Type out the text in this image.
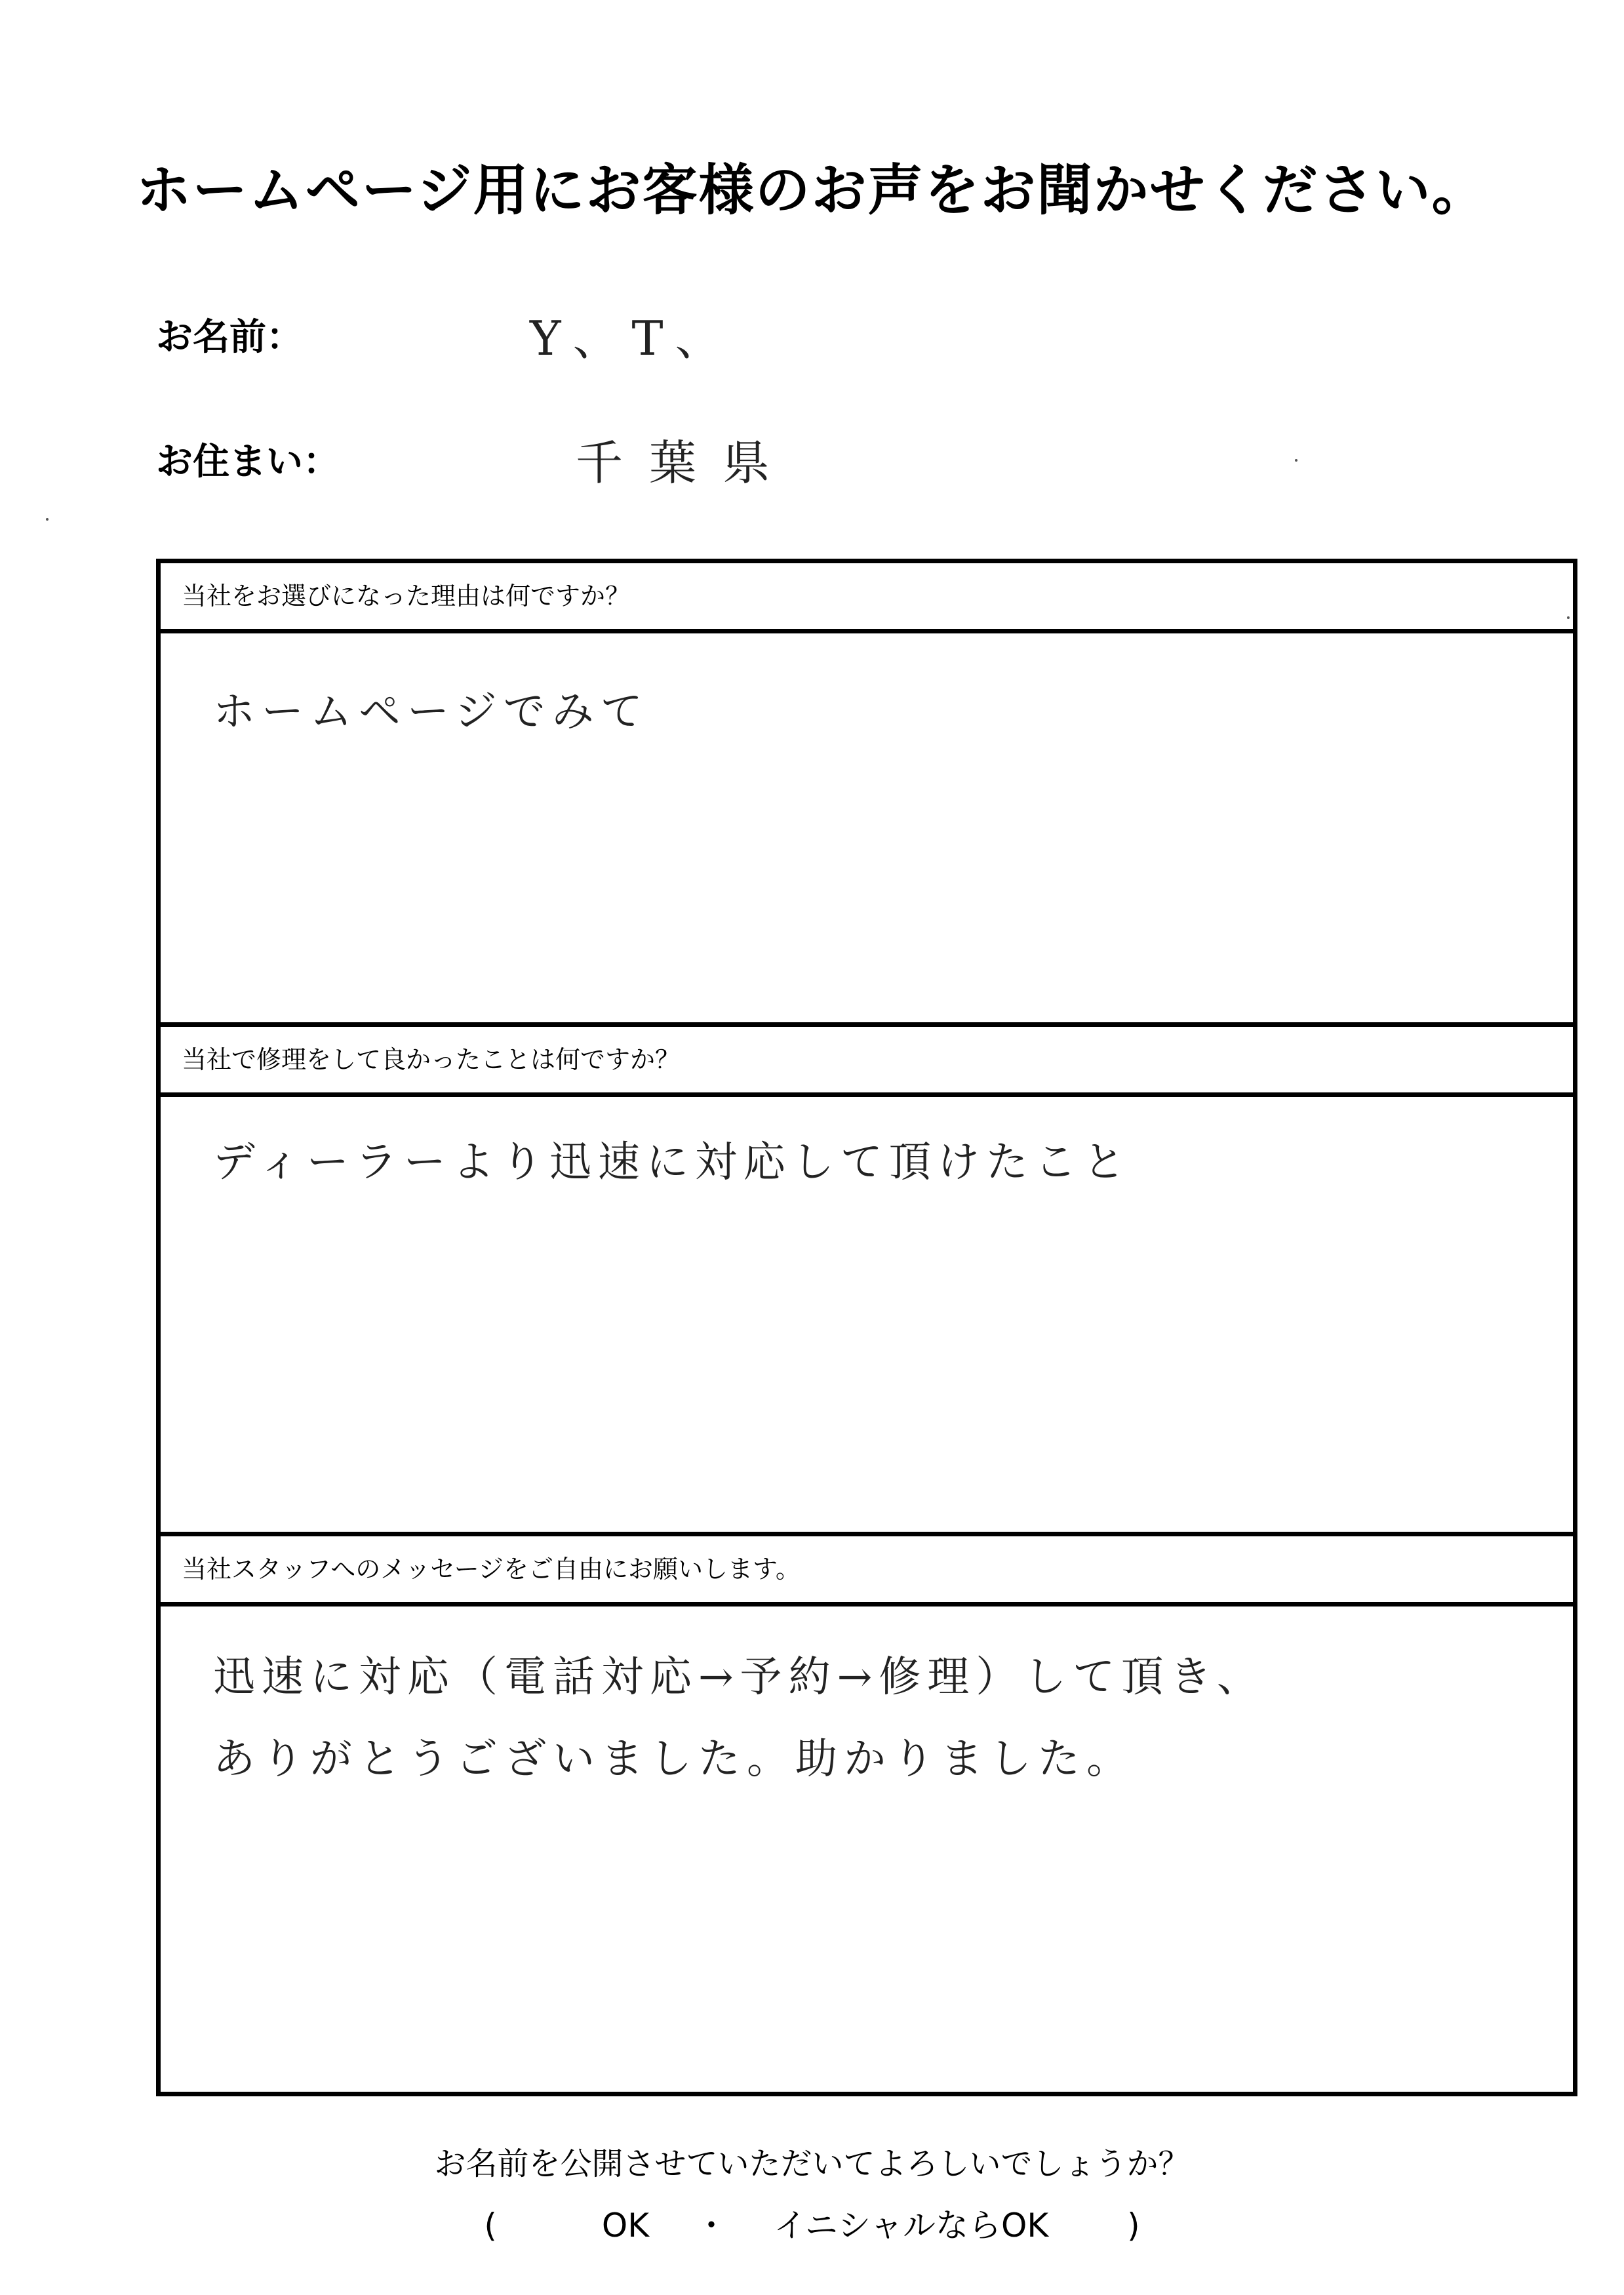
ホームページ用にお客様のお声をお聞かせください。
お名前：	Y、T、
お住まい：	千葉県
当社をお選びになった理由は何ですか？
ホームページでみて
当社で修理をして良かったことは何ですか？
ディーラーより迅速に対応して頂けたこと
当社スタッフへのメッセージをご自由にお願いします。
迅速に対応（電話対応→予約→修理）して頂き、
ありがとうございました。助かりました。
お名前を公開させていただいてよろしいでしょうか？
(	OK ・ イニシャルならOK )
